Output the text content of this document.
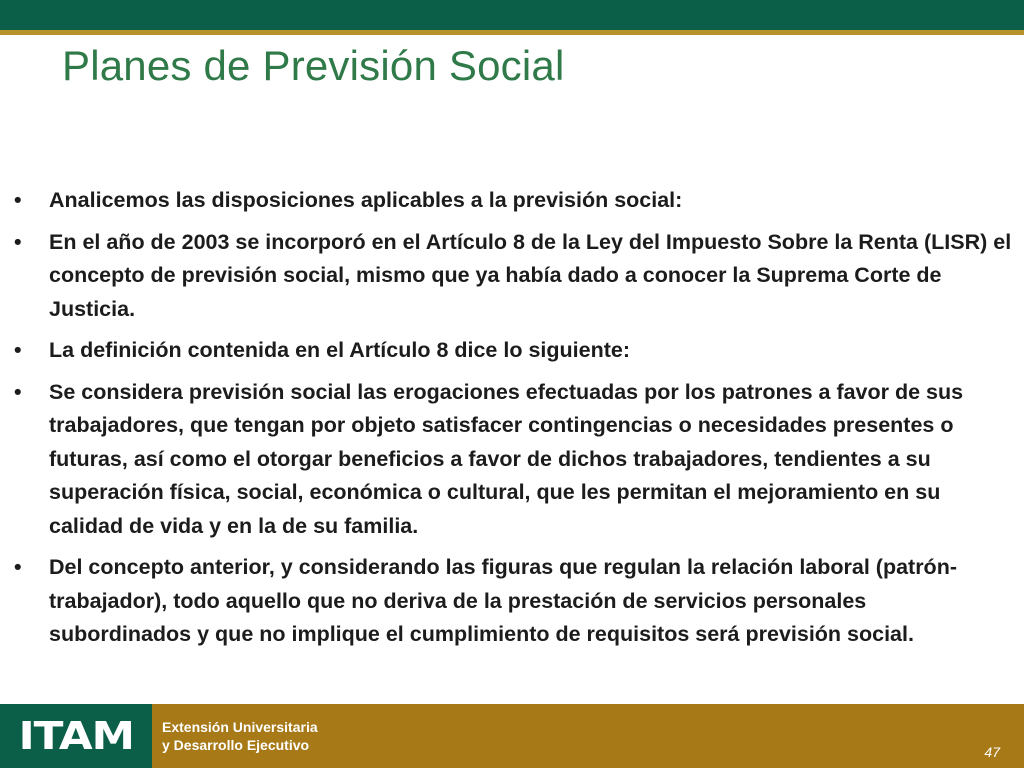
Planes de Previsión Social
• Analicemos las disposiciones aplicables a la previsión social:
• En el año de 2003 se incorporó en el Artículo 8 de la Ley del Impuesto Sobre la Renta (LISR) el concepto de previsión social, mismo que ya había dado a conocer la Suprema Corte de Justicia.
• La definición contenida en el Artículo 8 dice lo siguiente:
• Se considera previsión social las erogaciones efectuadas por los patrones a favor de sus trabajadores, que tengan por objeto satisfacer contingencias o necesidades presentes o futuras, así como el otorgar beneficios a favor de dichos trabajadores, tendientes a su superación física, social, económica o cultural, que les permitan el mejoramiento en su calidad de vida y en la de su familia.
• Del concepto anterior, y considerando las figuras que regulan la relación laboral (patrón-trabajador), todo aquello que no deriva de la prestación de servicios personales subordinados y que no implique el cumplimiento de requisitos será previsión social.
ITAM Extensión Universitaria
y Desarrollo Ejecutivo	47
